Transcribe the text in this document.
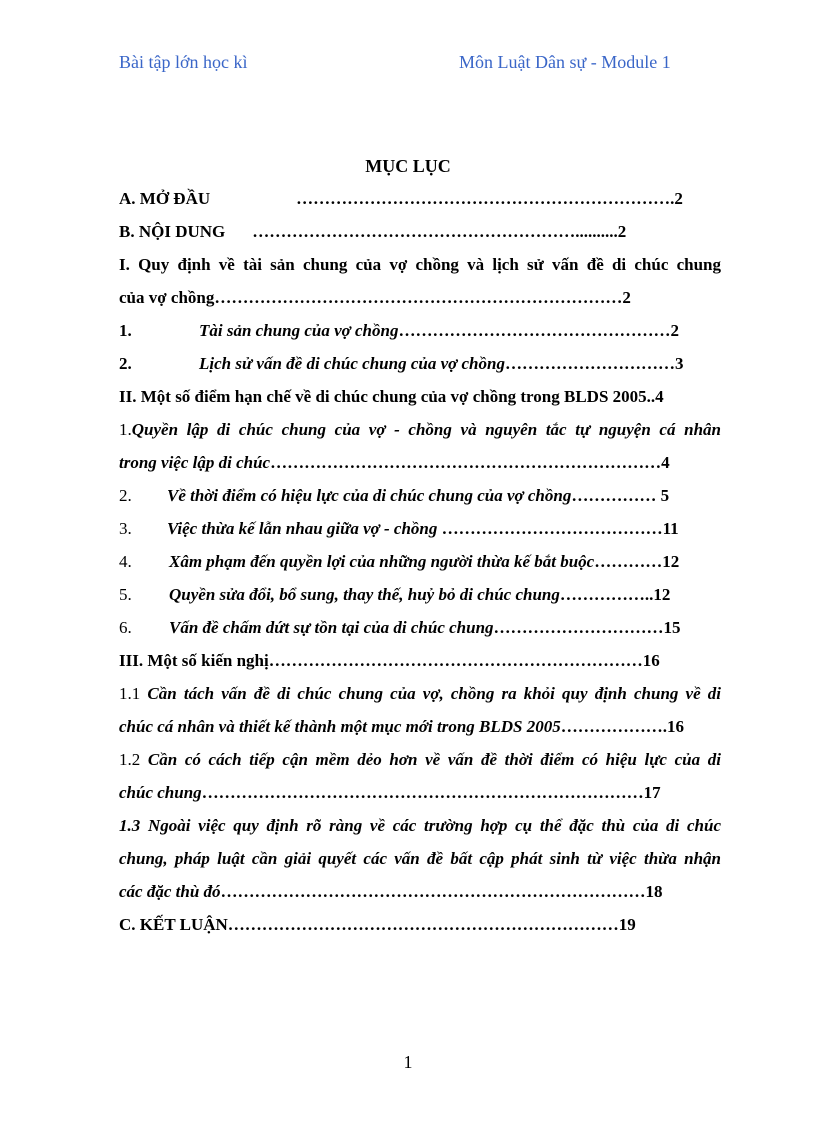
Bài tập lớn học kì	Môn Luật Dân sự - Module 1
MỤC LỤC
A. MỞ ĐẦU	………………………………………………………….2
B. NỘI DUNG …………………………………………………..........2
I. Quy định về tài sản chung của vợ chồng và lịch sử vấn đề di chúc chung
của vợ chồng………………………………………………………………2
1.	Tài sản chung của vợ chồng…………………………………………2
2.	Lịch sử vấn đề di chúc chung của vợ chồng…………………………3
II. Một số điểm hạn chế về di chúc chung của vợ chồng trong BLDS 2005..4
1.Quyền lập di chúc chung của vợ - chồng và nguyên tắc tự nguyện cá nhân
trong việc lập di chúc……………………………………………………………4
2. Về thời điểm có hiệu lực của di chúc chung của vợ chồng…………… 5
3. Việc thừa kế lẫn nhau giữa vợ - chồng …………………………………11
4. Xâm phạm đến quyền lợi của những người thừa kế bắt buộc…………12
5. Quyền sửa đổi, bổ sung, thay thế, huỷ bỏ di chúc chung……………..12
6. Vấn đề chấm dứt sự tồn tại của di chúc chung…………………………15
III. Một số kiến nghị…………………………………………………………16
1.1 Cần tách vấn đề di chúc chung của vợ, chồng ra khỏi quy định chung về di
chúc cá nhân và thiết kế thành một mục mới trong BLDS 2005……………….16
1.2 Cần có cách tiếp cận mềm dẻo hơn về vấn đề thời điểm có hiệu lực của di
chúc chung……………………………………………………………………17
1.3 Ngoài việc quy định rõ ràng về các trường hợp cụ thể đặc thù của di chúc
chung, pháp luật cần giải quyết các vấn đề bất cập phát sinh từ việc thừa nhận
các đặc thù đó…………………………………………………………………18
C. KẾT LUẬN……………………………………………………………19
1
